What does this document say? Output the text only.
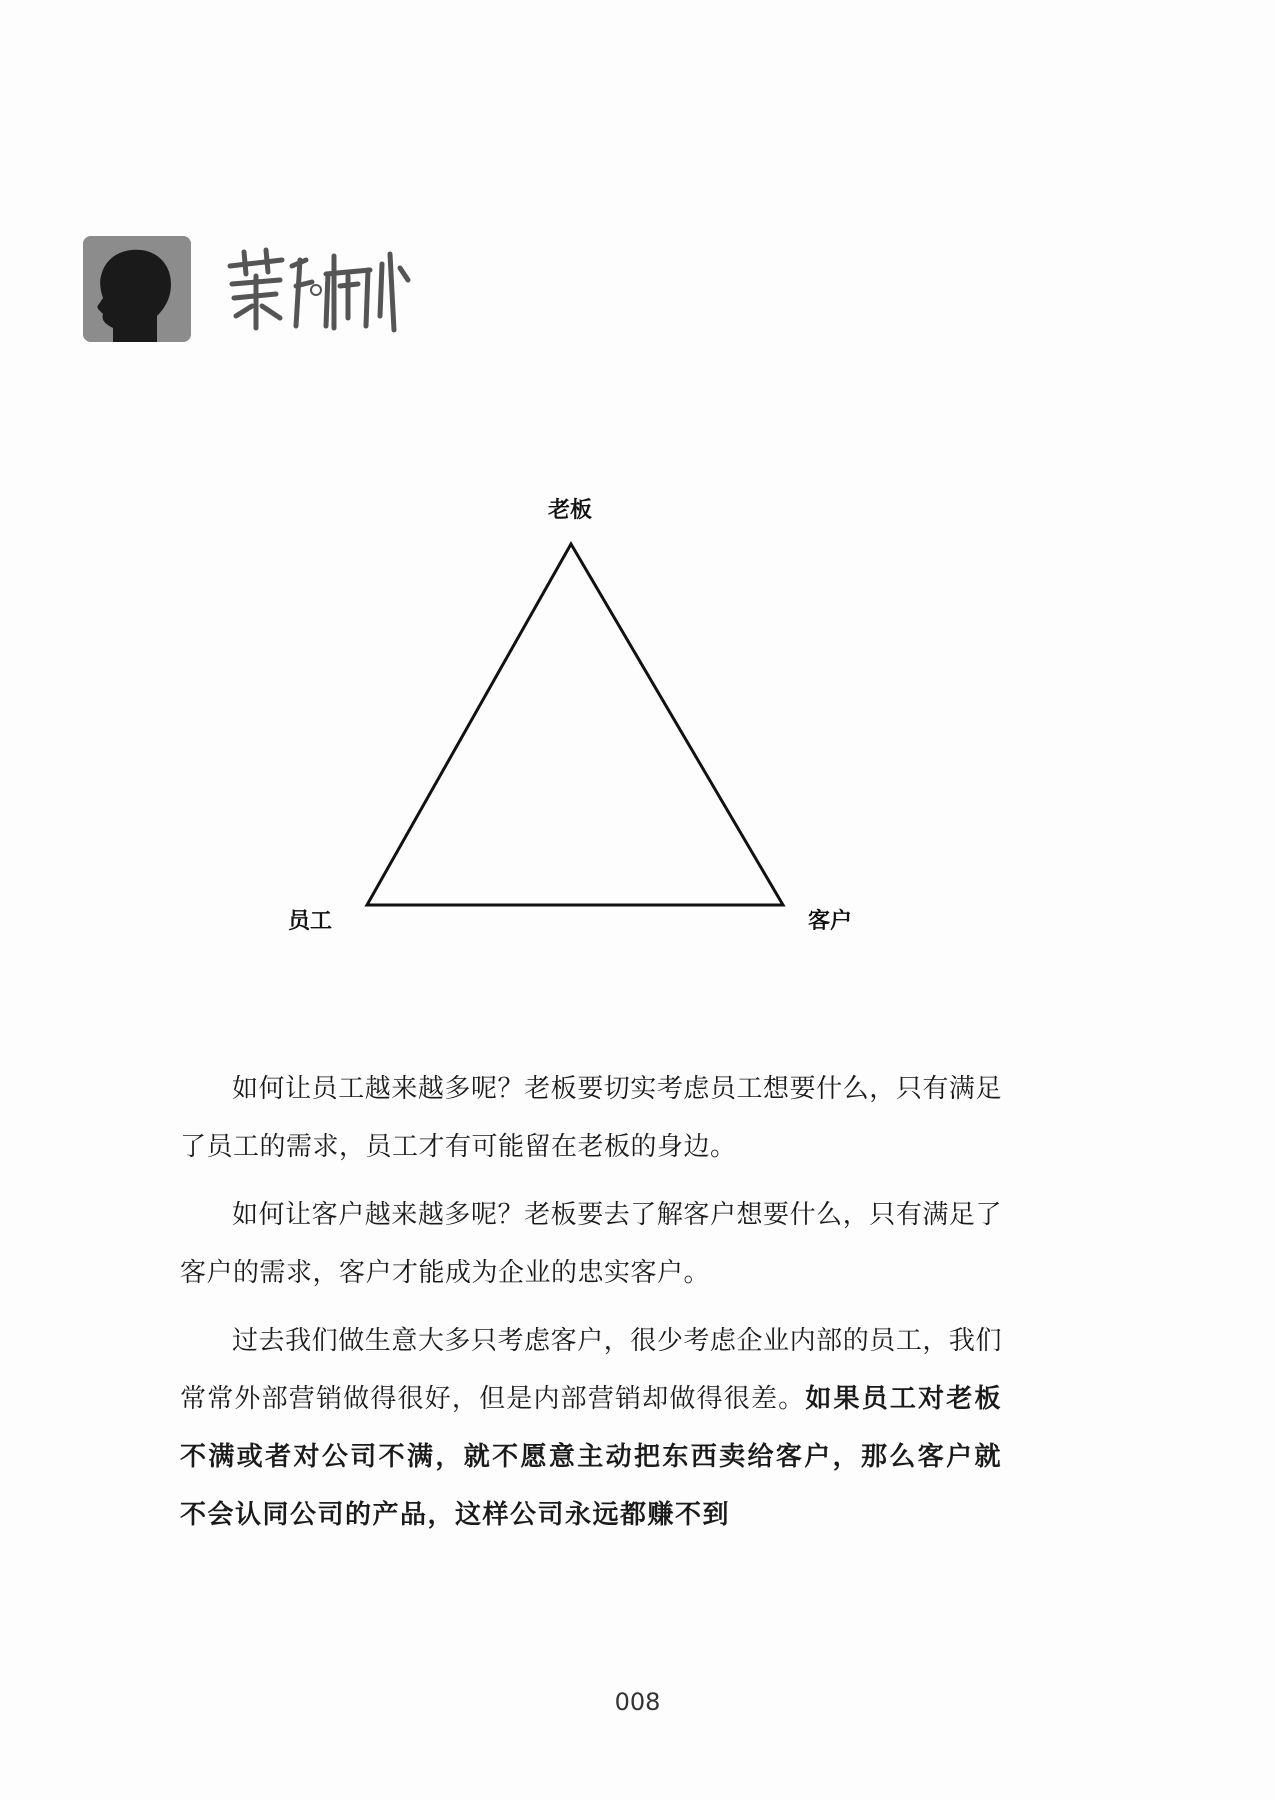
老板
员工	客户

如何让员工越来越多呢？老板要切实考虑员工想要什么，只有满足了员工的需求，员工才有可能留在老板的身边。

如何让客户越来越多呢？老板要去了解客户想要什么，只有满足了客户的需求，客户才能成为企业的忠实客户。

过去我们做生意大多只考虑客户，很少考虑企业内部的员工，我们常常外部营销做得很好，但是内部营销却做得很差。如果员工对老板不满或者对公司不满，就不愿意主动把东西卖给客户，那么客户就不会认同公司的产品，这样公司永远都赚不到

008
